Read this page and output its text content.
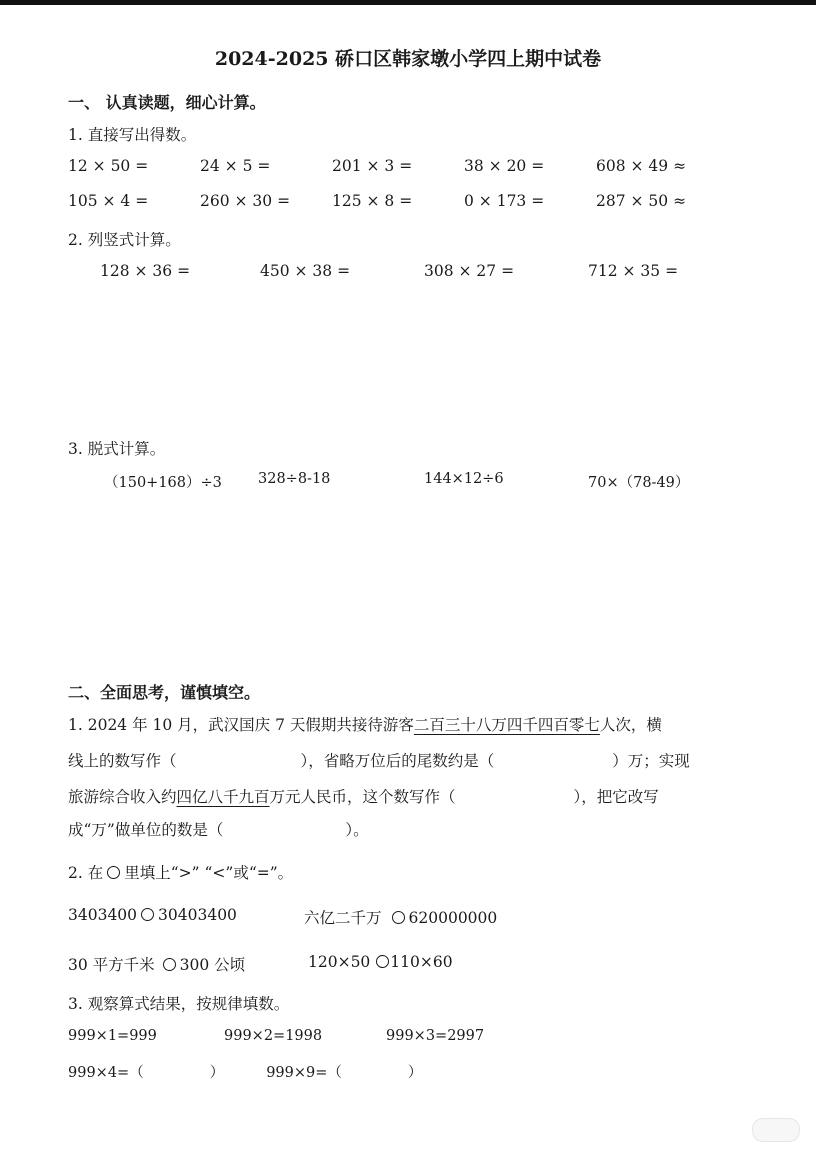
2024-2025 硚口区韩家墩小学四上期中试卷
一、 认真读题，细心计算。
1. 直接写出得数。
12 × 50 =	24 × 5 =	201 × 3 =	38 × 20 =	608 × 49 ≈
105 × 4 =	260 × 30 =	125 × 8 =	0 × 173 =	287 × 50 ≈
2. 列竖式计算。
128 × 36 =	450 × 38 =	308 × 27 =	712 × 35 =
3. 脱式计算。
（150+168）÷3 328÷8-18	144×12÷6	70×（78-49）
二、全面思考，谨慎填空。
1. 2024 年 10 月，武汉国庆 7 天假期共接待游客二百三十八万四千四百零七人次，横
线上的数写作（	），省略万位后的尾数约是（	）万；实现
旅游综合收入约四亿八千九百万元人民币，这个数写作（	），把它改写
成“万”做单位的数是（	）。
2. 在 里填上“>” “<”或“=”。
3403400 30403400	六亿二千万 620000000
30 平方千米 300 公顷	120×50 110×60
3. 观察算式结果，按规律填数。
999×1=999	999×2=1998	999×3=2997
999×4=（	）	999×9=（	）
